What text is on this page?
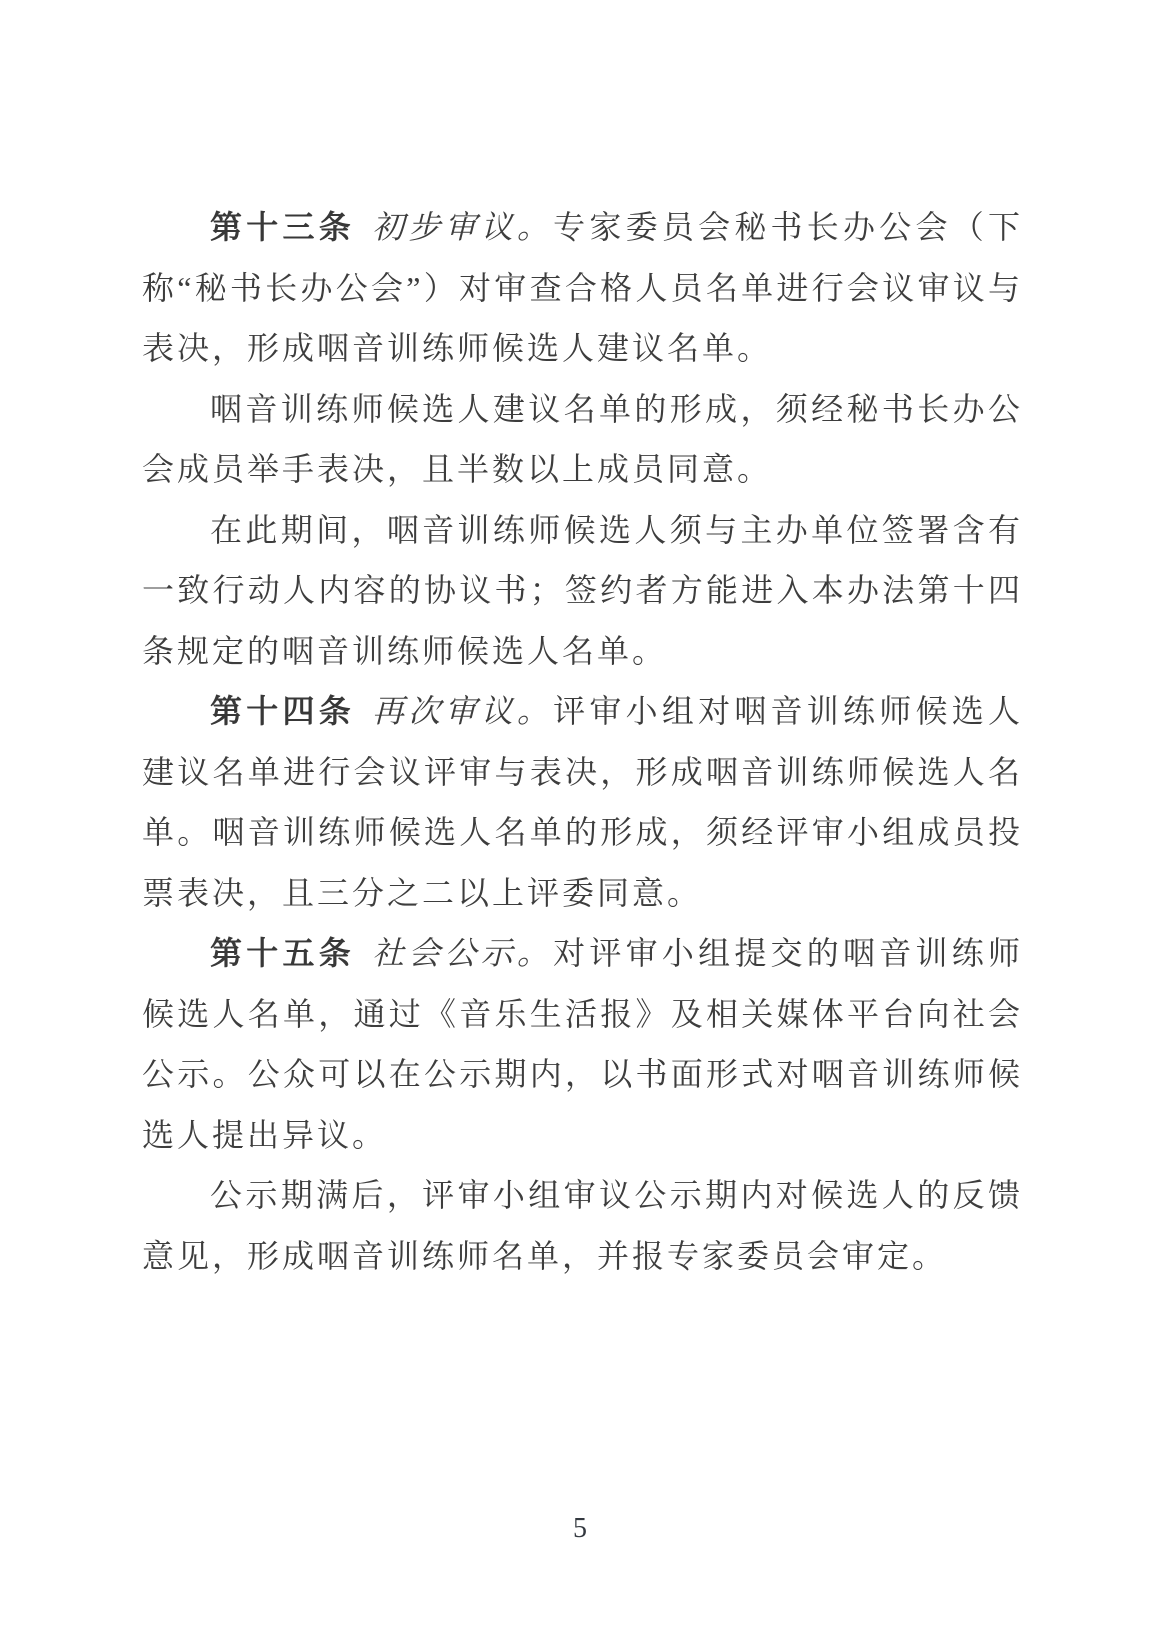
第十三条 初步审议。专家委员会秘书长办公会（下称“秘书长办公会”）对审查合格人员名单进行会议审议与表决，形成咽音训练师候选人建议名单。

咽音训练师候选人建议名单的形成，须经秘书长办公会成员举手表决，且半数以上成员同意。

在此期间，咽音训练师候选人须与主办单位签署含有一致行动人内容的协议书；签约者方能进入本办法第十四条规定的咽音训练师候选人名单。

第十四条 再次审议。评审小组对咽音训练师候选人建议名单进行会议评审与表决，形成咽音训练师候选人名单。咽音训练师候选人名单的形成，须经评审小组成员投票表决，且三分之二以上评委同意。

第十五条 社会公示。对评审小组提交的咽音训练师候选人名单，通过《音乐生活报》及相关媒体平台向社会公示。公众可以在公示期内，以书面形式对咽音训练师候选人提出异议。

公示期满后，评审小组审议公示期内对候选人的反馈意见，形成咽音训练师名单，并报专家委员会审定。

5
